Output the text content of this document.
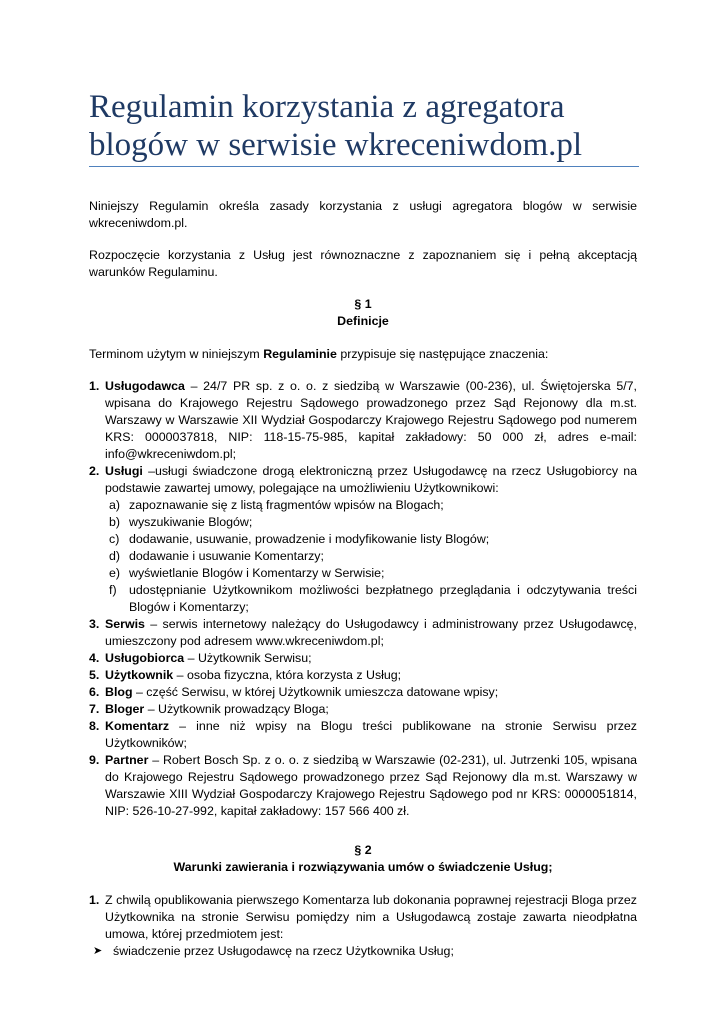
Regulamin korzystania z agregatora blogów w serwisie wkreceniwdom.pl

Niniejszy Regulamin określa zasady korzystania z usługi agregatora blogów w serwisie wkreceniwdom.pl.

Rozpoczęcie korzystania z Usług jest równoznaczne z zapoznaniem się i pełną akceptacją warunków Regulaminu.

§ 1
Definicje

Terminom użytym w niniejszym Regulaminie przypisuje się następujące znaczenia:

1. Usługodawca – 24/7 PR sp. z o. o. z siedzibą w Warszawie (00-236), ul. Świętojerska 5/7, wpisana do Krajowego Rejestru Sądowego prowadzonego przez Sąd Rejonowy dla m.st. Warszawy w Warszawie XII Wydział Gospodarczy Krajowego Rejestru Sądowego pod numerem KRS: 0000037818, NIP: 118-15-75-985, kapitał zakładowy: 50 000 zł, adres e-mail: info@wkreceniwdom.pl;
2. Usługi –usługi świadczone drogą elektroniczną przez Usługodawcę na rzecz Usługobiorcy na podstawie zawartej umowy, polegające na umożliwieniu Użytkownikowi:
a) zapoznawanie się z listą fragmentów wpisów na Blogach;
b) wyszukiwanie Blogów;
c) dodawanie, usuwanie, prowadzenie i modyfikowanie listy Blogów;
d) dodawanie i usuwanie Komentarzy;
e) wyświetlanie Blogów i Komentarzy w Serwisie;
f) udostępnianie Użytkownikom możliwości bezpłatnego przeglądania i odczytywania treści Blogów i Komentarzy;
3. Serwis – serwis internetowy należący do Usługodawcy i administrowany przez Usługodawcę, umieszczony pod adresem www.wkreceniwdom.pl;
4. Usługobiorca – Użytkownik Serwisu;
5. Użytkownik – osoba fizyczna, która korzysta z Usług;
6. Blog – część Serwisu, w której Użytkownik umieszcza datowane wpisy;
7. Bloger – Użytkownik prowadzący Bloga;
8. Komentarz – inne niż wpisy na Blogu treści publikowane na stronie Serwisu przez Użytkowników;
9. Partner – Robert Bosch Sp. z o. o. z siedzibą w Warszawie (02-231), ul. Jutrzenki 105, wpisana do Krajowego Rejestru Sądowego prowadzonego przez Sąd Rejonowy dla m.st. Warszawy w Warszawie XIII Wydział Gospodarczy Krajowego Rejestru Sądowego pod nr KRS: 0000051814, NIP: 526-10-27-992, kapitał zakładowy: 157 566 400 zł.
§ 2
Warunki zawierania i rozwiązywania umów o świadczenie Usług;
1. Z chwilą opublikowania pierwszego Komentarza lub dokonania poprawnej rejestracji Bloga przez Użytkownika na stronie Serwisu pomiędzy nim a Usługodawcą zostaje zawarta nieodpłatna umowa, której przedmiotem jest:
➤ świadczenie przez Usługodawcę na rzecz Użytkownika Usług;
